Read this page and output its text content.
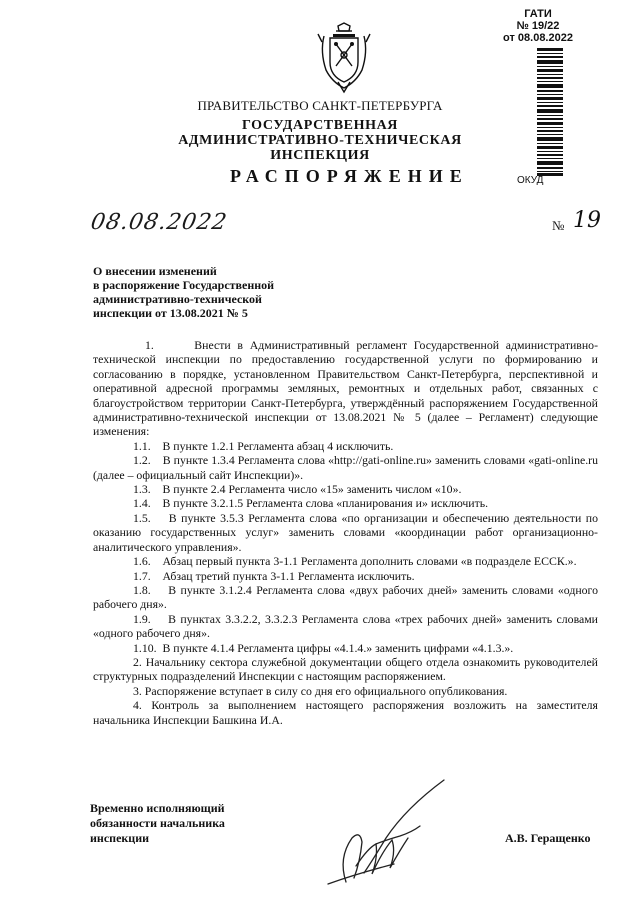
ГАТИ
№ 19/22
от 08.08.2022
ПРАВИТЕЛЬСТВО САНКТ-ПЕТЕРБУРГА
ГОСУДАРСТВЕННАЯ
АДМИНИСТРАТИВНО-ТЕХНИЧЕСКАЯ
ИНСПЕКЦИЯ
РАСПОРЯЖЕНИЕ	ОКУД
08.08.2022	№ 19
О внесении изменений
в распоряжение Государственной
административно-технической
инспекции от 13.08.2021 № 5

1.      Внести в Административный регламент Государственной административно-технической инспекции по предоставлению государственной услуги по формированию и согласованию в порядке, установленном Правительством Санкт-Петербурга, перспективной и оперативной адресной программы земляных, ремонтных и отдельных работ, связанных с благоустройством территории Санкт-Петербурга, утверждённый распоряжением Государственной административно-технической инспекции от 13.08.2021 № 5 (далее – Регламент) следующие изменения:

1.1.    В пункте 1.2.1 Регламента абзац 4 исключить.

1.2.    В пункте 1.3.4 Регламента слова «http://gati-online.ru» заменить словами «gati-online.ru (далее – официальный сайт Инспекции)».

1.3.    В пункте 2.4 Регламента число «15» заменить числом «10».

1.4.    В пункте 3.2.1.5 Регламента слова «планирования и» исключить.

1.5.    В пункте 3.5.3 Регламента слова «по организации и обеспечению деятельности по оказанию государственных услуг» заменить словами «координации работ организационно-аналитического управления».

1.6.    Абзац первый пункта 3-1.1 Регламента дополнить словами «в подразделе ЕССК.».

1.7.    Абзац третий пункта 3-1.1 Регламента исключить.

1.8.    В пункте 3.1.2.4 Регламента слова «двух рабочих дней» заменить словами «одного рабочего дня».

1.9.    В пунктах 3.3.2.2, 3.3.2.3 Регламента слова «трех рабочих дней» заменить словами «одного рабочего дня».

1.10.  В пункте 4.1.4 Регламента цифры «4.1.4.» заменить цифрами «4.1.3.».

2. Начальнику сектора служебной документации общего отдела ознакомить руководителей структурных подразделений Инспекции с настоящим распоряжением.

3. Распоряжение вступает в силу со дня его официального опубликования.

4. Контроль за выполнением настоящего распоряжения возложить на заместителя начальника Инспекции Башкина И.А.

Временно исполняющий
обязанности начальника
инспекции	А.В. Геращенко
